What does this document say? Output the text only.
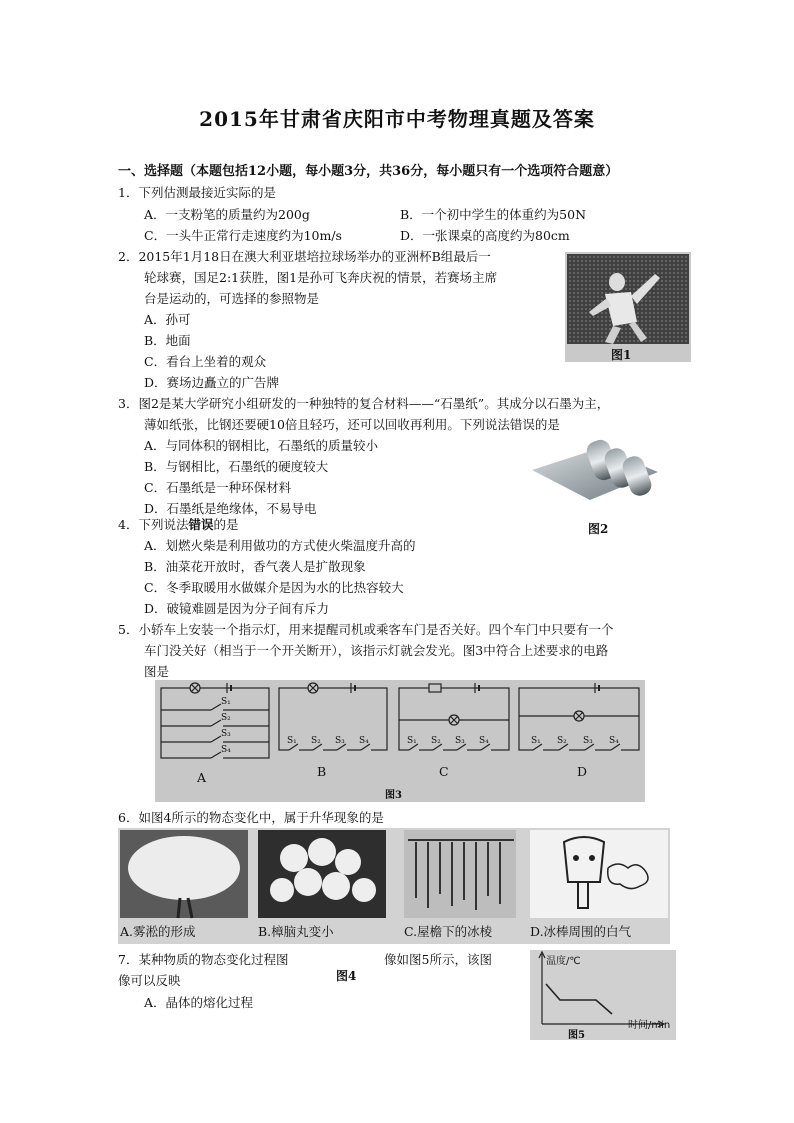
2015年甘肃省庆阳市中考物理真题及答案
一、选择题（本题包括12小题，每小题3分，共36分，每小题只有一个选项符合题意）
1．下列估测最接近实际的是
A．一支粉笔的质量约为200g	B．一个初中学生的体重约为50N
C．一头牛正常行走速度约为10m/s	D．一张课桌的高度约为80cm
2．2015年1月18日在澳大利亚堪培拉球场举办的亚洲杯B组最后一
轮球赛，国足2:1获胜，图1是孙可飞奔庆祝的情景，若赛场主席
台是运动的，可选择的参照物是
A．孙可
B．地面
C．看台上坐着的观众
D．赛场边矗立的广告牌
图1
3．图2是某大学研究小组研发的一种独特的复合材料——“石墨纸”。其成分以石墨为主，
薄如纸张，比钢还要硬10倍且轻巧，还可以回收再利用。下列说法错误的是
A．与同体积的钢相比，石墨纸的质量较小
B．与钢相比，石墨纸的硬度较大
C．石墨纸是一种环保材料
D．石墨纸是绝缘体，不易导电
图2
4．下列说法错误的是
A．划燃火柴是利用做功的方式使火柴温度升高的
B．油菜花开放时，香气袭人是扩散现象
C．冬季取暖用水做媒介是因为水的比热容较大
D．破镜难圆是因为分子间有斥力
5．小轿车上安装一个指示灯，用来提醒司机或乘客车门是否关好。四个车门中只要有一个
车门没关好（相当于一个开关断开），该指示灯就会发光。图3中符合上述要求的电路
图是
S₁
S₂
S₃
S₄
S₁ S₂ S₃ S₄	S₁ S₂ S₃ S₄	S₁ S₂ S₃ S₄
A	B	C	D
图3
6．如图4所示的物态变化中，属于升华现象的是
A.雾淞的形成	B.樟脑丸变小	C.屋檐下的冰棱	D.冰棒周围的白气
7．某种物质的物态变化过程图	像如图5所示，该图
图4
像可以反映
A．晶体的熔化过程
温度/℃
时间/min
图5
